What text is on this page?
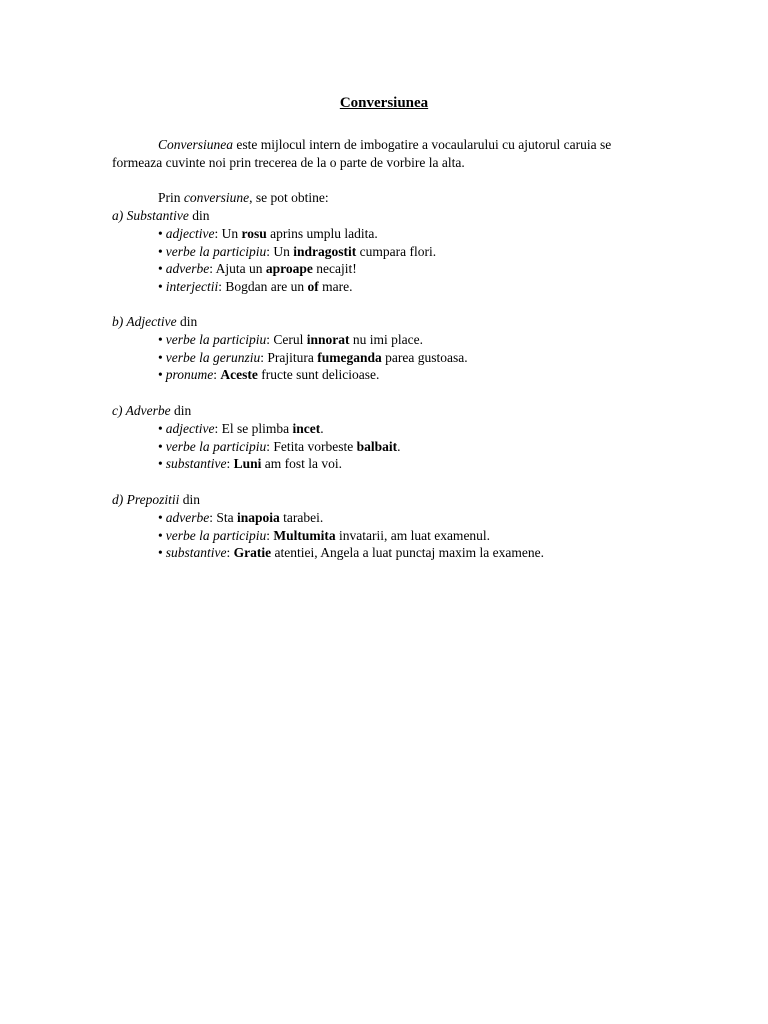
Conversiunea
Conversiunea este mijlocul intern de imbogatire a vocaularului cu ajutorul caruia se formeaza cuvinte noi prin trecerea de la o parte de vorbire la alta.
Prin conversiune, se pot obtine:
a) Substantive din
• adjective: Un rosu aprins umplu ladita.
• verbe la participiu: Un indragostit cumpara flori.
• adverbe: Ajuta un aproape necajit!
• interjectii: Bogdan are un of mare.
b) Adjective din
• verbe la participiu: Cerul innorat nu imi place.
• verbe la gerunziu: Prajitura fumeganda parea gustoasa.
• pronume: Aceste fructe sunt delicioase.
c) Adverbe din
• adjective: El se plimba incet.
• verbe la participiu: Fetita vorbeste balbait.
• substantive: Luni am fost la voi.
d) Prepozitii din
• adverbe: Sta inapoia tarabei.
• verbe la participiu: Multumita invatarii, am luat examenul.
• substantive: Gratie atentiei, Angela a luat punctaj maxim la examene.
